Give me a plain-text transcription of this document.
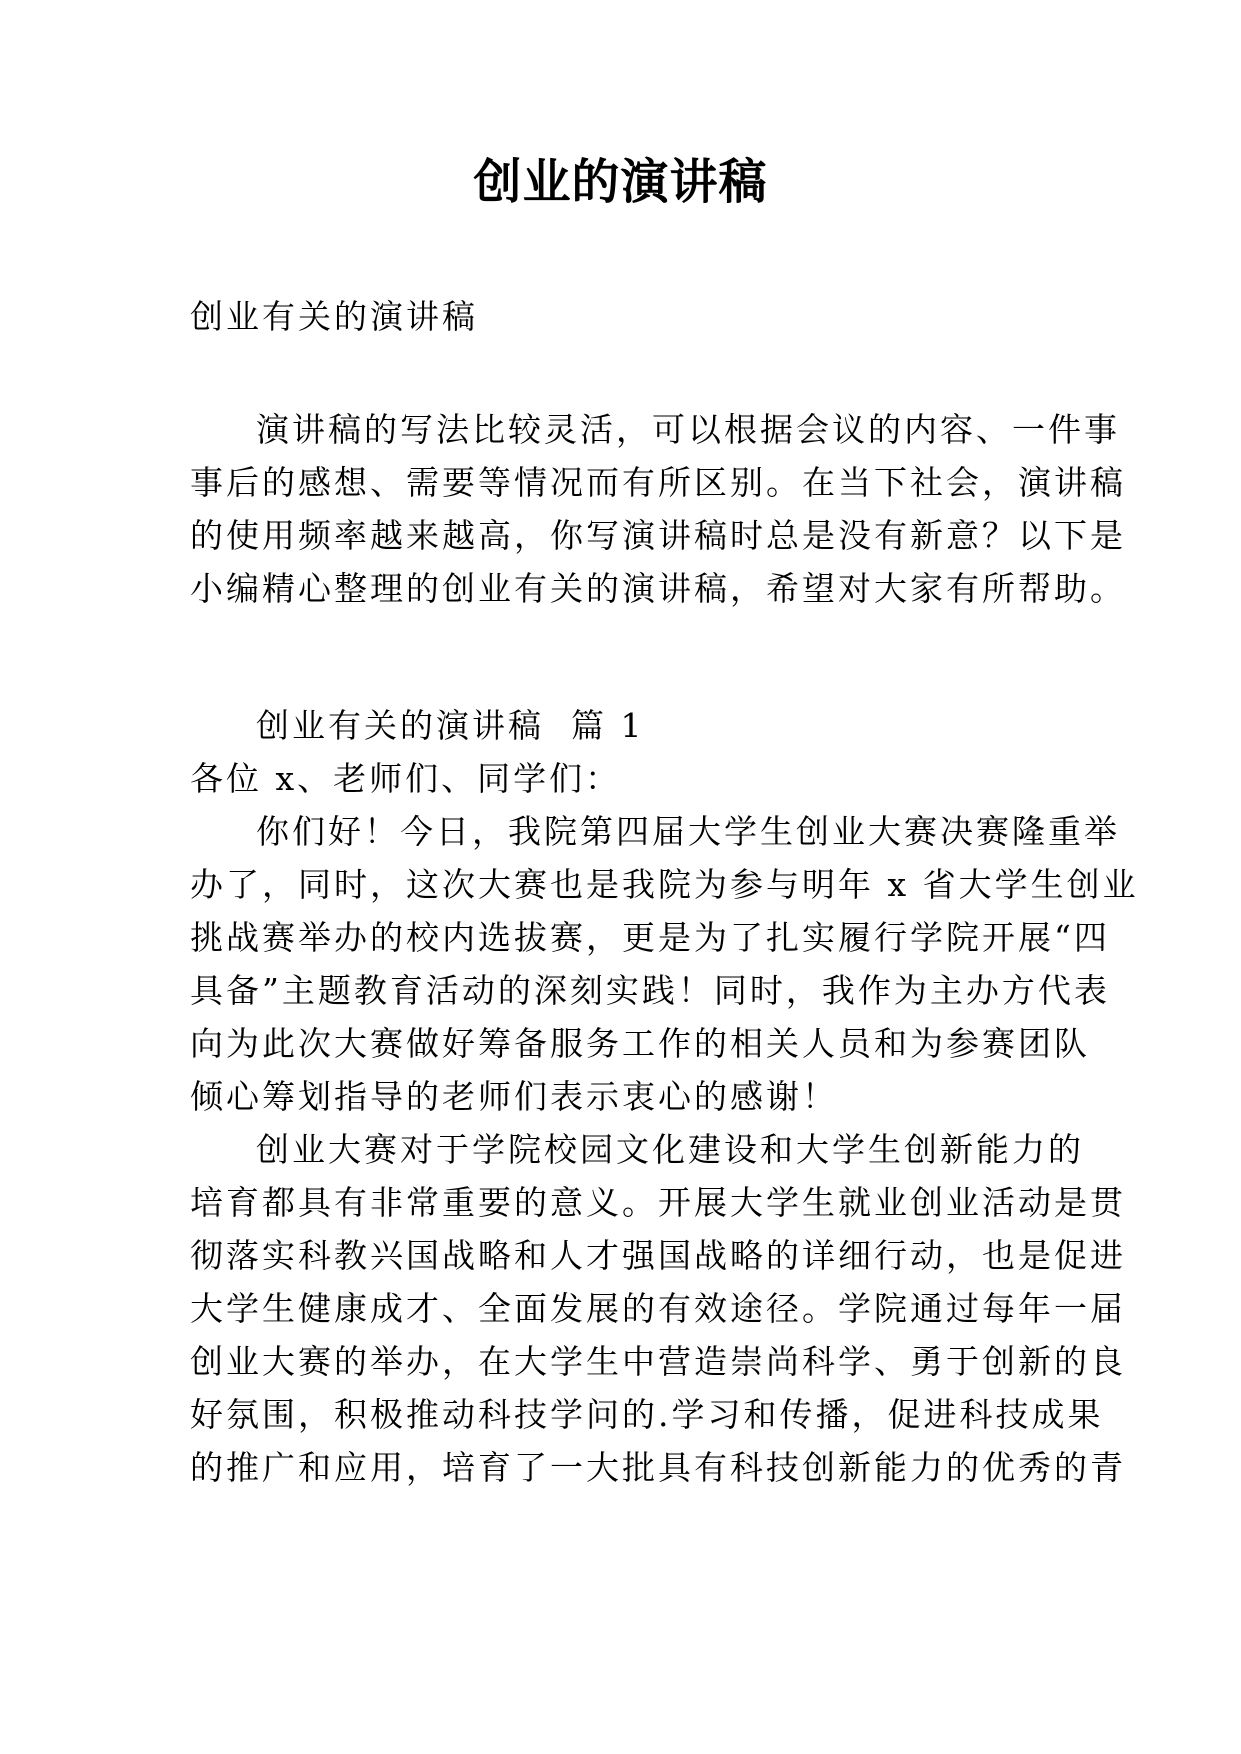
创业的演讲稿
创业有关的演讲稿
演讲稿的写法比较灵活，可以根据会议的内容、一件事
事后的感想、需要等情况而有所区别。在当下社会，演讲稿
的使用频率越来越高，你写演讲稿时总是没有新意？以下是
小编精心整理的创业有关的演讲稿，希望对大家有所帮助。
创业有关的演讲稿  篇 1
各位 x、老师们、同学们：
你们好！今日，我院第四届大学生创业大赛决赛隆重举
办了，同时，这次大赛也是我院为参与明年 x 省大学生创业
挑战赛举办的校内选拔赛，更是为了扎实履行学院开展“四
具备”主题教育活动的深刻实践！同时，我作为主办方代表
向为此次大赛做好筹备服务工作的相关人员和为参赛团队
倾心筹划指导的老师们表示衷心的感谢！
创业大赛对于学院校园文化建设和大学生创新能力的
培育都具有非常重要的意义。开展大学生就业创业活动是贯
彻落实科教兴国战略和人才强国战略的详细行动，也是促进
大学生健康成才、全面发展的有效途径。学院通过每年一届
创业大赛的举办，在大学生中营造崇尚科学、勇于创新的良
好氛围，积极推动科技学问的.学习和传播，促进科技成果
的推广和应用，培育了一大批具有科技创新能力的优秀的青
